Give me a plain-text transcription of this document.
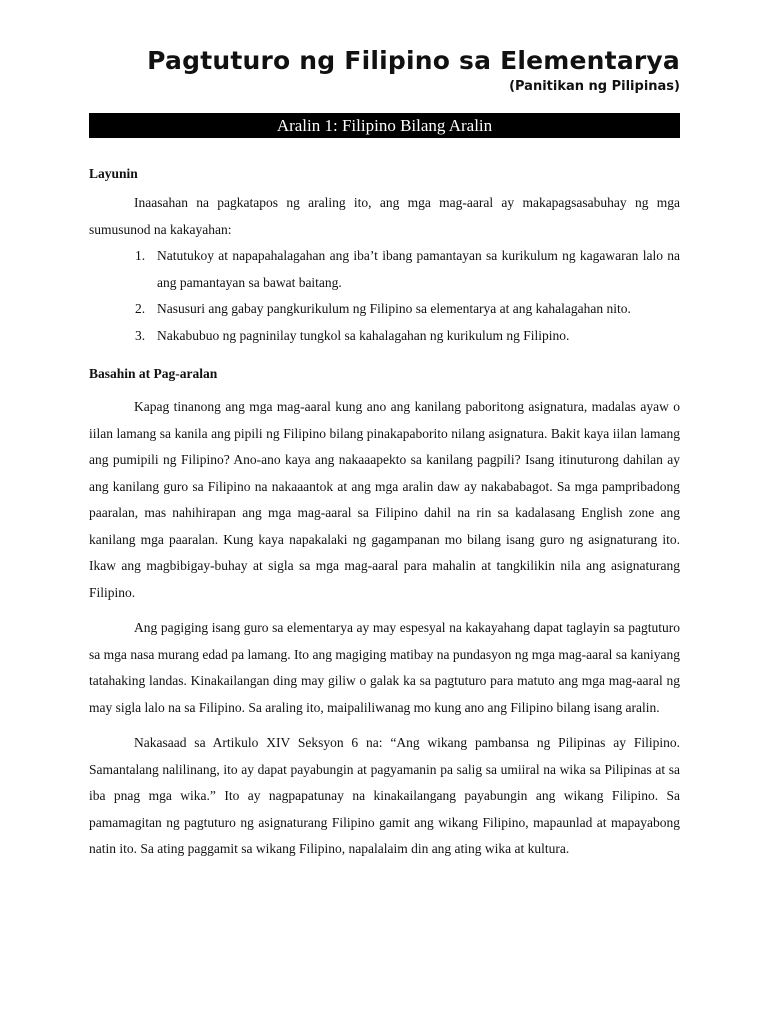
Pagtuturo ng Filipino sa Elementarya
(Panitikan ng Pilipinas)
Aralin 1: Filipino Bilang Aralin
Layunin

Inaasahan na pagkatapos ng araling ito, ang mga mag-aaral ay makapagsasabuhay ng mga sumusunod na kakayahan:

1. Natutukoy at napapahalagahan ang iba’t ibang pamantayan sa kurikulum ng kagawaran lalo na ang pamantayan sa bawat baitang.
2. Nasusuri ang gabay pangkurikulum ng Filipino sa elementarya at ang kahalagahan nito.
3. Nakabubuo ng pagninilay tungkol sa kahalagahan ng kurikulum ng Filipino.
Basahin at Pag-aralan

Kapag tinanong ang mga mag-aaral kung ano ang kanilang paboritong asignatura, madalas ayaw o iilan lamang sa kanila ang pipili ng Filipino bilang pinakapaborito nilang asignatura. Bakit kaya iilan lamang ang pumipili ng Filipino? Ano-ano kaya ang nakaaapekto sa kanilang pagpili? Isang itinuturong dahilan ay ang kanilang guro sa Filipino na nakaaantok at ang mga aralin daw ay nakababagot. Sa mga pampribadong paaralan, mas nahihirapan ang mga mag-aaral sa Filipino dahil na rin sa kadalasang English zone ang kanilang mga paaralan. Kung kaya napakalaki ng gagampanan mo bilang isang guro ng asignaturang ito. Ikaw ang magbibigay-buhay at sigla sa mga mag-aaral para mahalin at tangkilikin nila ang asignaturang Filipino.

Ang pagiging isang guro sa elementarya ay may espesyal na kakayahang dapat taglayin sa pagtuturo sa mga nasa murang edad pa lamang. Ito ang magiging matibay na pundasyon ng mga mag-aaral sa kaniyang tatahaking landas. Kinakailangan ding may giliw o galak ka sa pagtuturo para matuto ang mga mag-aaral ng may sigla lalo na sa Filipino. Sa araling ito, maipaliliwanag mo kung ano ang Filipino bilang isang aralin.

Nakasaad sa Artikulo XIV Seksyon 6 na: “Ang wikang pambansa ng Pilipinas ay Filipino. Samantalang nalilinang, ito ay dapat payabungin at pagyamanin pa salig sa umiiral na wika sa Pilipinas at sa iba pnag mga wika.” Ito ay nagpapatunay na kinakailangang payabungin ang wikang Filipino. Sa pamamagitan ng pagtuturo ng asignaturang Filipino gamit ang wikang Filipino, mapaunlad at mapayabong natin ito. Sa ating paggamit sa wikang Filipino, napalalaim din ang ating wika at kultura.
